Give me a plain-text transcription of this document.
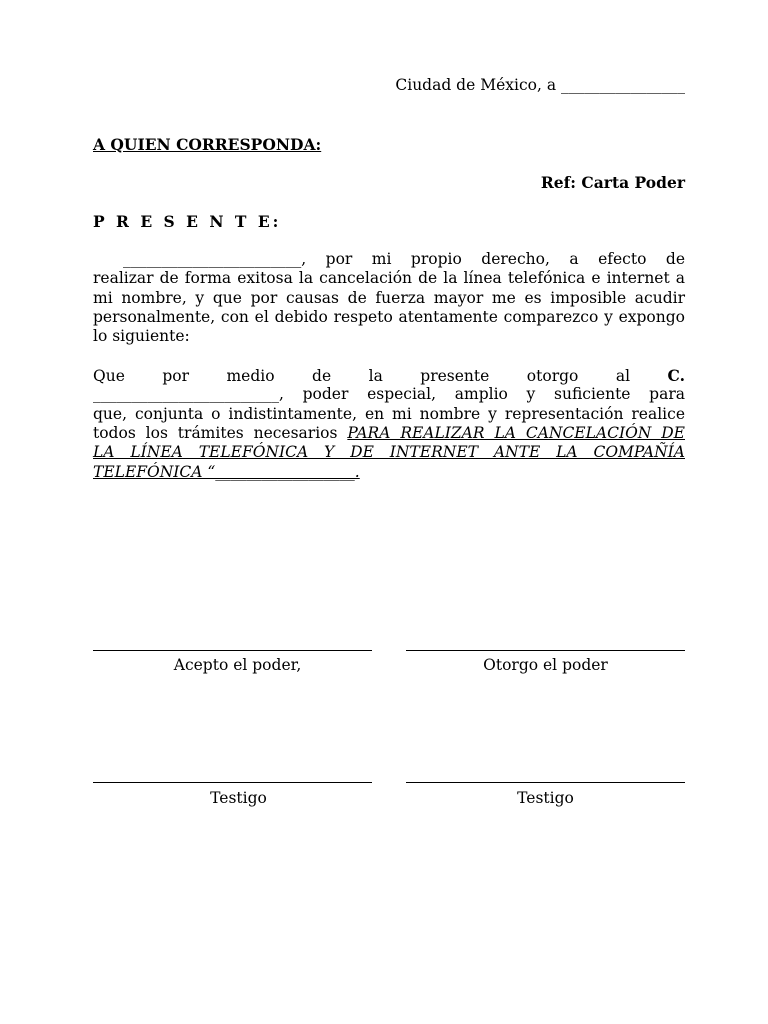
Ciudad de México, a ________________
A QUIEN CORRESPONDA:
Ref: Carta Poder
P R E S E N T E:
_______________________, por mi propio derecho, a efecto de
realizar de forma exitosa la cancelación de la línea telefónica e internet a
mi nombre, y que por causas de fuerza mayor me es imposible acudir
personalmente, con el debido respeto atentamente comparezco y expongo
lo siguiente:
Que por medio de la presente otorgo al C.
________________________, poder especial, amplio y suficiente para
que, conjunta o indistintamente, en mi nombre y representación realice
todos los trámites necesarios PARA REALIZAR LA CANCELACIÓN DE
LA LÍNEA TELEFÓNICA Y DE INTERNET ANTE LA COMPAÑÍA
TELEFÓNICA “__________________.
Acepto el poder,	Otorgo el poder
Testigo	Testigo
